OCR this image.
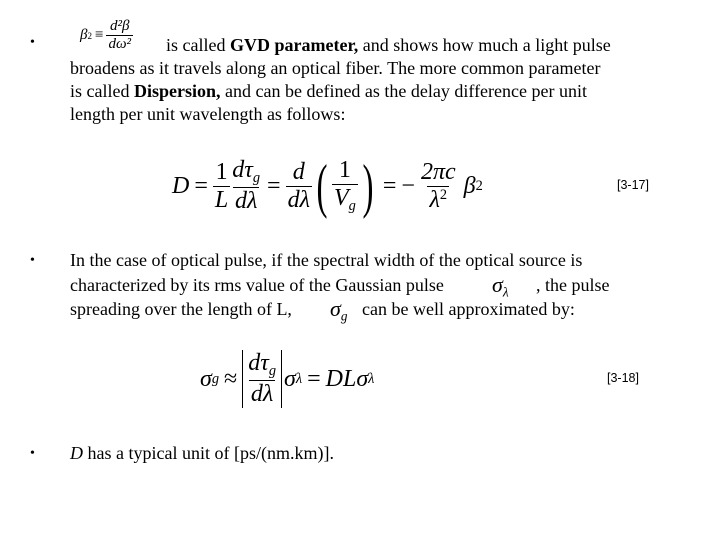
•	β $2 \equiv \frac{\text{d²β}}{\text{dω²}}$ is called GVD parameter, and shows how much a light pulse
broadens as it travels along an optical fiber. The more common parameter
is called Dispersion, and can be defined as the delay difference per unit
length per unit wavelength as follows:
$D = \frac{1}{L} \frac{d\tau_g}{d\lambda} = \frac{d}{d\lambda}$ ( $\frac{1}{V_g}$ ) = − $\frac{2\pi c}{\lambda^2}$ β 2	[3-17]
• In the case of optical pulse, if the spectral width of the optical source is
characterized by its rms value of the Gaussian pulse $\sigma_\lambda$ , the pulse
spreading over the length of L, $\sigma_g$ can be well approximated by:
σ $g \approx \frac{d\tau_g}{d\lambda}$ σ λ = DL σ λ	[3-18]
• D has a typical unit of [ps/(nm.km)].
